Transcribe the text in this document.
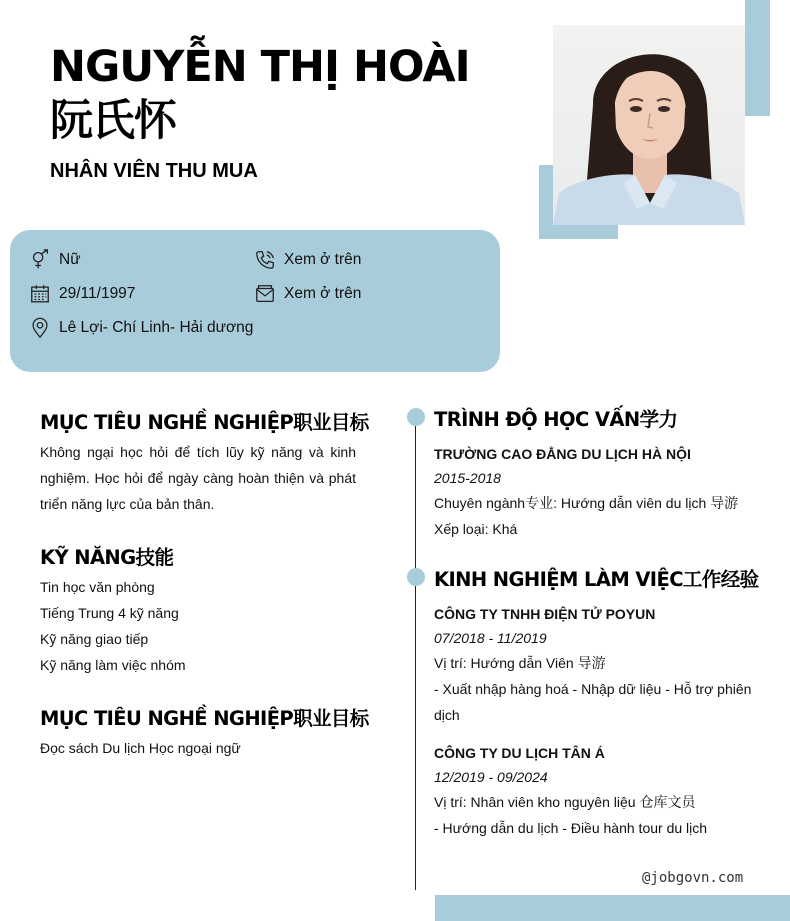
NGUYỄN THỊ HOÀI 阮氏怀
NHÂN VIÊN THU MUA
Nữ	Xem ở trên
29/11/1997	Xem ở trên
Lê Lợi- Chí Linh- Hải dương
MỤC TIÊU NGHỀ NGHIỆP职业目标
Không ngại học hỏi để tích lũy kỹ năng và kinh nghiệm. Học hỏi để ngày càng hoàn thiện và phát triển năng lực của bản thân.
KỸ NĂNG技能
Tin học văn phòng
Tiếng Trung 4 kỹ năng
Kỹ năng giao tiếp
Kỹ năng làm việc nhóm
MỤC TIÊU NGHỀ NGHIỆP职业目标
Đọc sách Du lịch Học ngoại ngữ
TRÌNH ĐỘ HỌC VẤN学力
TRƯỜNG CAO ĐẲNG DU LỊCH HÀ NỘI
2015-2018
Chuyên ngành专业: Hướng dẫn viên du lịch 导游
Xếp loại: Khá
KINH NGHIỆM LÀM VIỆC工作经验
CÔNG TY TNHH ĐIỆN TỬ POYUN
07/2018 - 11/2019
Vị trí: Hướng dẫn Viên 导游
- Xuất nhập hàng hoá - Nhập dữ liệu - Hỗ trợ phiên dịch
CÔNG TY DU LỊCH TÂN Á
12/2019 - 09/2024
Vị trí: Nhân viên kho nguyên liệu 仓库文员
- Hướng dẫn du lịch - Điều hành tour du lịch
@jobgovn.com
